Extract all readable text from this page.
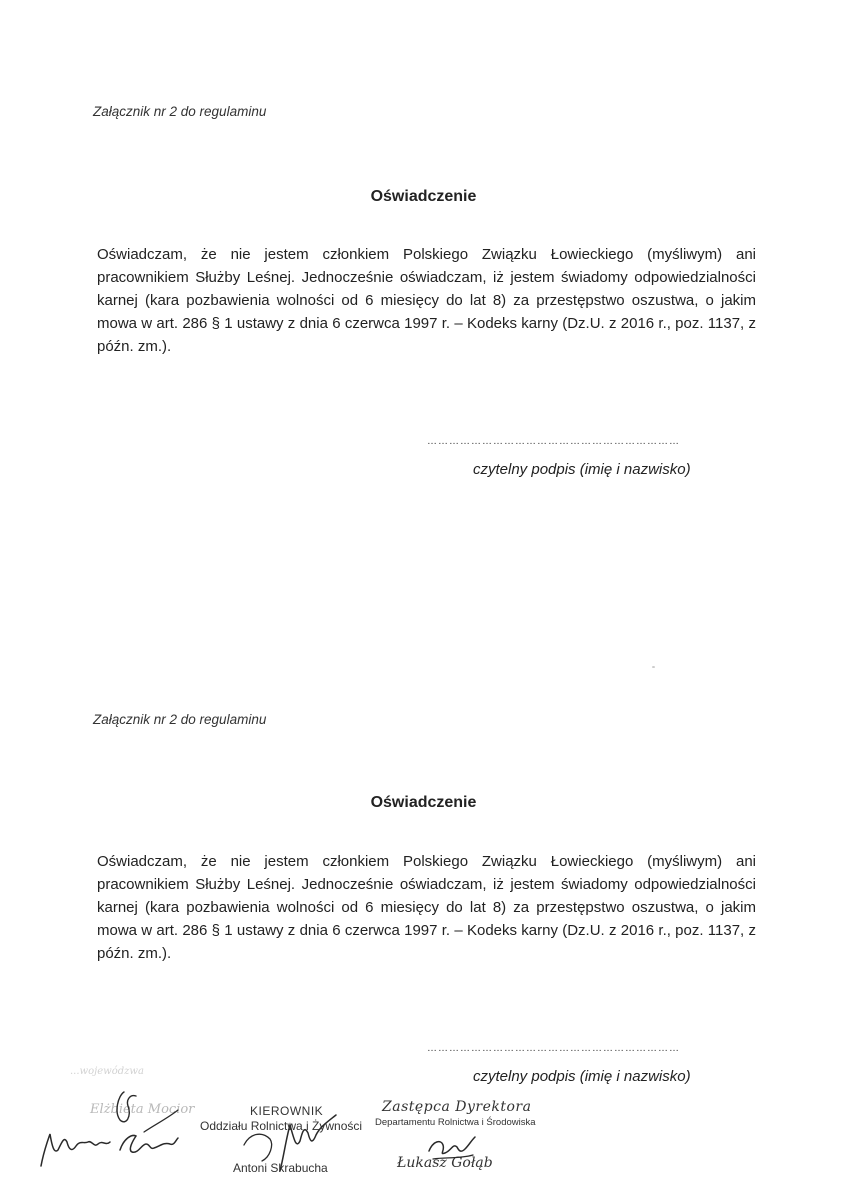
Załącznik nr 2 do regulaminu
Oświadczenie

Oświadczam, że nie jestem członkiem Polskiego Związku Łowieckiego (myśliwym) ani pracownikiem Służby Leśnej. Jednocześnie oświadczam, iż jestem świadomy odpowiedzialności karnej (kara pozbawienia wolności od 6 miesięcy do lat 8) za przestępstwo oszustwa, o jakim mowa w art. 286 § 1 ustawy z dnia 6 czerwca 1997 r. – Kodeks karny (Dz.U. z 2016 r., poz. 1137, z późn. zm.).

……………………………………………………………
czytelny podpis (imię i nazwisko)
Załącznik nr 2 do regulaminu
Oświadczenie

Oświadczam, że nie jestem członkiem Polskiego Związku Łowieckiego (myśliwym) ani pracownikiem Służby Leśnej. Jednocześnie oświadczam, iż jestem świadomy odpowiedzialności karnej (kara pozbawienia wolności od 6 miesięcy do lat 8) za przestępstwo oszustwa, o jakim mowa w art. 286 § 1 ustawy z dnia 6 czerwca 1997 r. – Kodeks karny (Dz.U. z 2016 r., poz. 1137, z późn. zm.).

……………………………………………………………
czytelny podpis (imię i nazwisko)
...wojewódzwa
Elżbieta Mocior	KIEROWNIK
Oddziału Rolnictwa i Żywności
Antoni Skrabucha
Zastępca Dyrektora
Departamentu Rolnictwa i Środowiska
Łukasz Gołąb
